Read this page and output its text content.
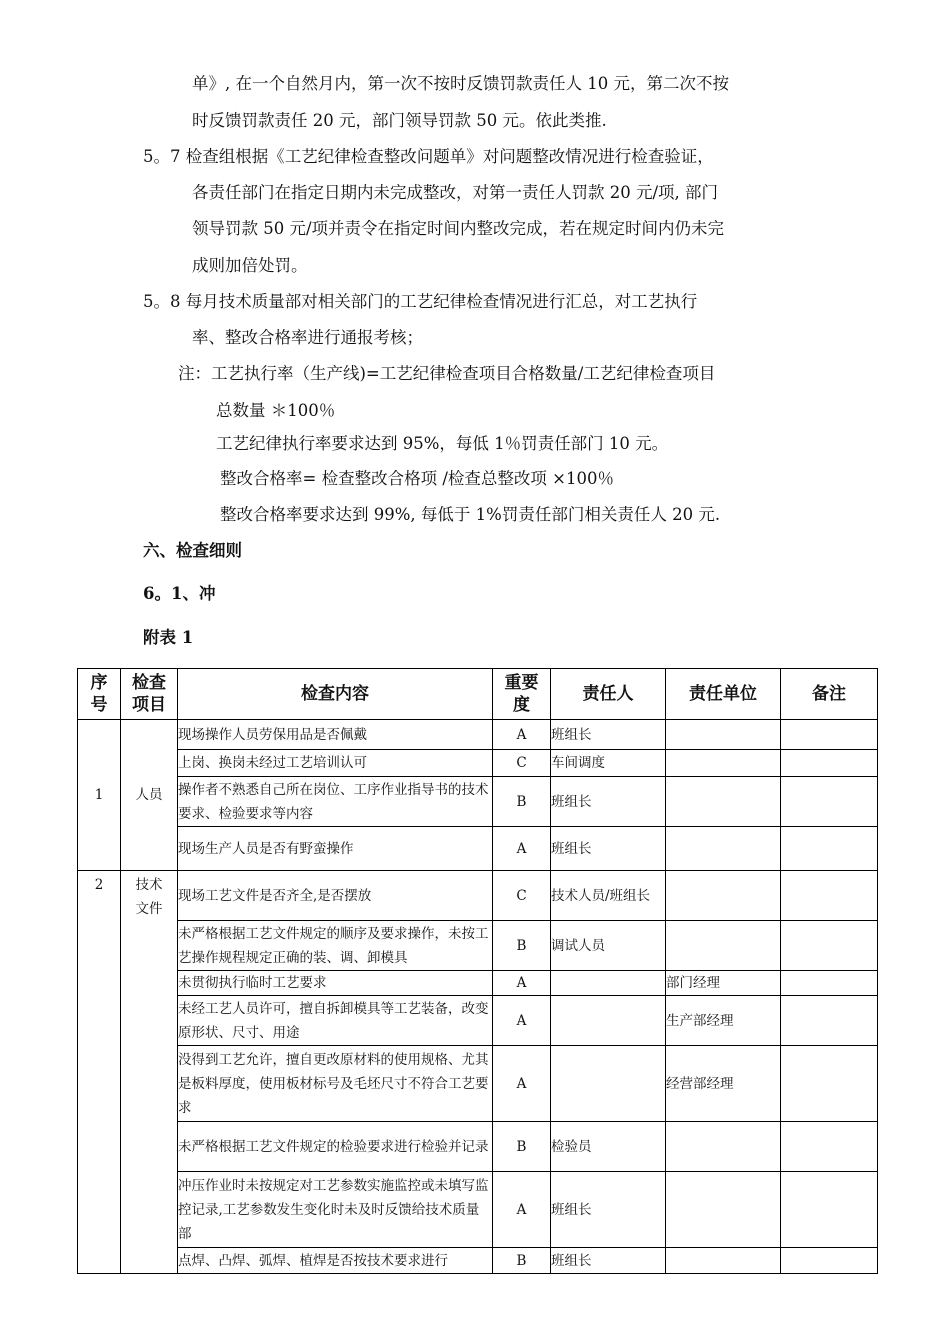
单》, 在一个自然月内，第一次不按时反馈罚款责任人 10 元，第二次不按
时反馈罚款责任 20 元，部门领导罚款 50 元。依此类推.
5。7 检查组根据《工艺纪律检查整改问题单》对问题整改情况进行检查验证，
各责任部门在指定日期内未完成整改，对第一责任人罚款 20 元/项, 部门
领导罚款 50 元/项并责令在指定时间内整改完成，若在规定时间内仍未完
成则加倍处罚。
5。8 每月技术质量部对相关部门的工艺纪律检查情况进行汇总，对工艺执行
率、整改合格率进行通报考核；
注：工艺执行率（生产线)=工艺纪律检查项目合格数量/工艺纪律检查项目
总数量 ＊100％
工艺纪律执行率要求达到 95%，每低 1％罚责任部门 10 元。
整改合格率= 检查整改合格项 /检查总整改项 ×100％
整改合格率要求达到 99%, 每低于 1%罚责任部门相关责任人 20 元.
六、检查细则
6。1、冲
附表 1
序
号	检查
项目	检查内容	重要
度	责任人	责任单位	备注
1	人员	现场操作人员劳保用品是否佩戴	A	班组长		
		上岗、换岗未经过工艺培训认可	C	车间调度		
		操作者不熟悉自己所在岗位、工序作业指导书的技术要求、检验要求等内容	B	班组长		
		现场生产人员是否有野蛮操作	A	班组长		
2	技术文件	现场工艺文件是否齐全,是否摆放	C	技术人员/班组长		
		未严格根据工艺文件规定的顺序及要求操作，未按工艺操作规程规定正确的装、调、卸模具	B	调试人员		
		未贯彻执行临时工艺要求	A		部门经理	
		未经工艺人员许可，擅自拆卸模具等工艺装备，改变原形状、尺寸、用途	A		生产部经理	
		没得到工艺允许，擅自更改原材料的使用规格、尤其是板料厚度，使用板材标号及毛坯尺寸不符合工艺要求	A		经营部经理	
		未严格根据工艺文件规定的检验要求进行检验并记录	B	检验员		
		冲压作业时未按规定对工艺参数实施监控或未填写监控记录,工艺参数发生变化时未及时反馈给技术质量部	A	班组长		
		点焊、凸焊、弧焊、植焊是否按技术要求进行	B	班组长		
